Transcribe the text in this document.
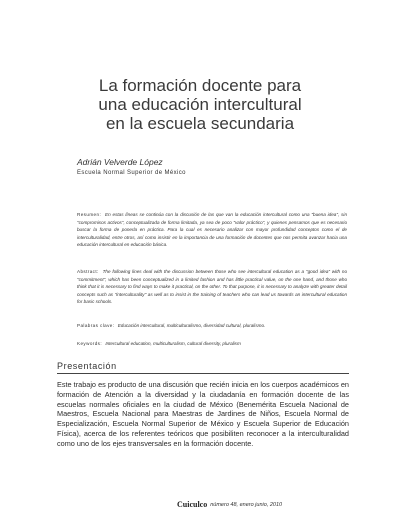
La formación docente para
una educación intercultural
en la escuela secundaria
Adrián Velverde López
Escuela Normal Superior de México

Resumen: En estas líneas se continúa con la discusión de las que van la educación intercultural como una "buena idea", sin "compromisos activos", conceptualizada de forma limitada, ya sea de poco "valor práctico", y quienes pensamos que es necesario buscar la forma de ponerla en práctica. Para la cual es necesario analizar con mayor profundidad conceptos como el de interculturalidad, entre otros, así como insistir en la importancia de una formación de docentes que nos permita avanzar hacia una educación intercultural en educación básica.

Abstract: The following lines deal with the discussion between those who see intercultural education as a "good idea" with no "commitment", which has been conceptualized in a limited fashion and has little practical value, on the one hand, and those who think that it is necessary to find ways to make it practical, on the other. To that purpose, it is necessary to analyze with greater detail concepts such as "interculturality" as well as to insist in the training of teachers who can lead us towards an intercultural education for basic schools.

Palabras clave: Educación intercultural, multiculturalismo, diversidad cultural, pluralismo.

Keywords: Intercultural education, multiculturalism, cultural diversity, pluralism

Presentación

Este trabajo es producto de una discusión que recién inicia en los cuerpos académicos en formación de Atención a la diversidad y la ciudadanía en formación docente de las escuelas normales oficiales en la ciudad de México (Benemérita Escuela Nacional de Maestros, Escuela Nacional para Maestras de Jardines de Niños, Escuela Normal de Especialización, Escuela Normal Superior de México y Escuela Superior de Educación Física), acerca de los referentes teóricos que posibiliten reconocer a la interculturalidad como uno de los ejes transversales en la formación docente.

Cuiculco número 48, enero junio, 2010
